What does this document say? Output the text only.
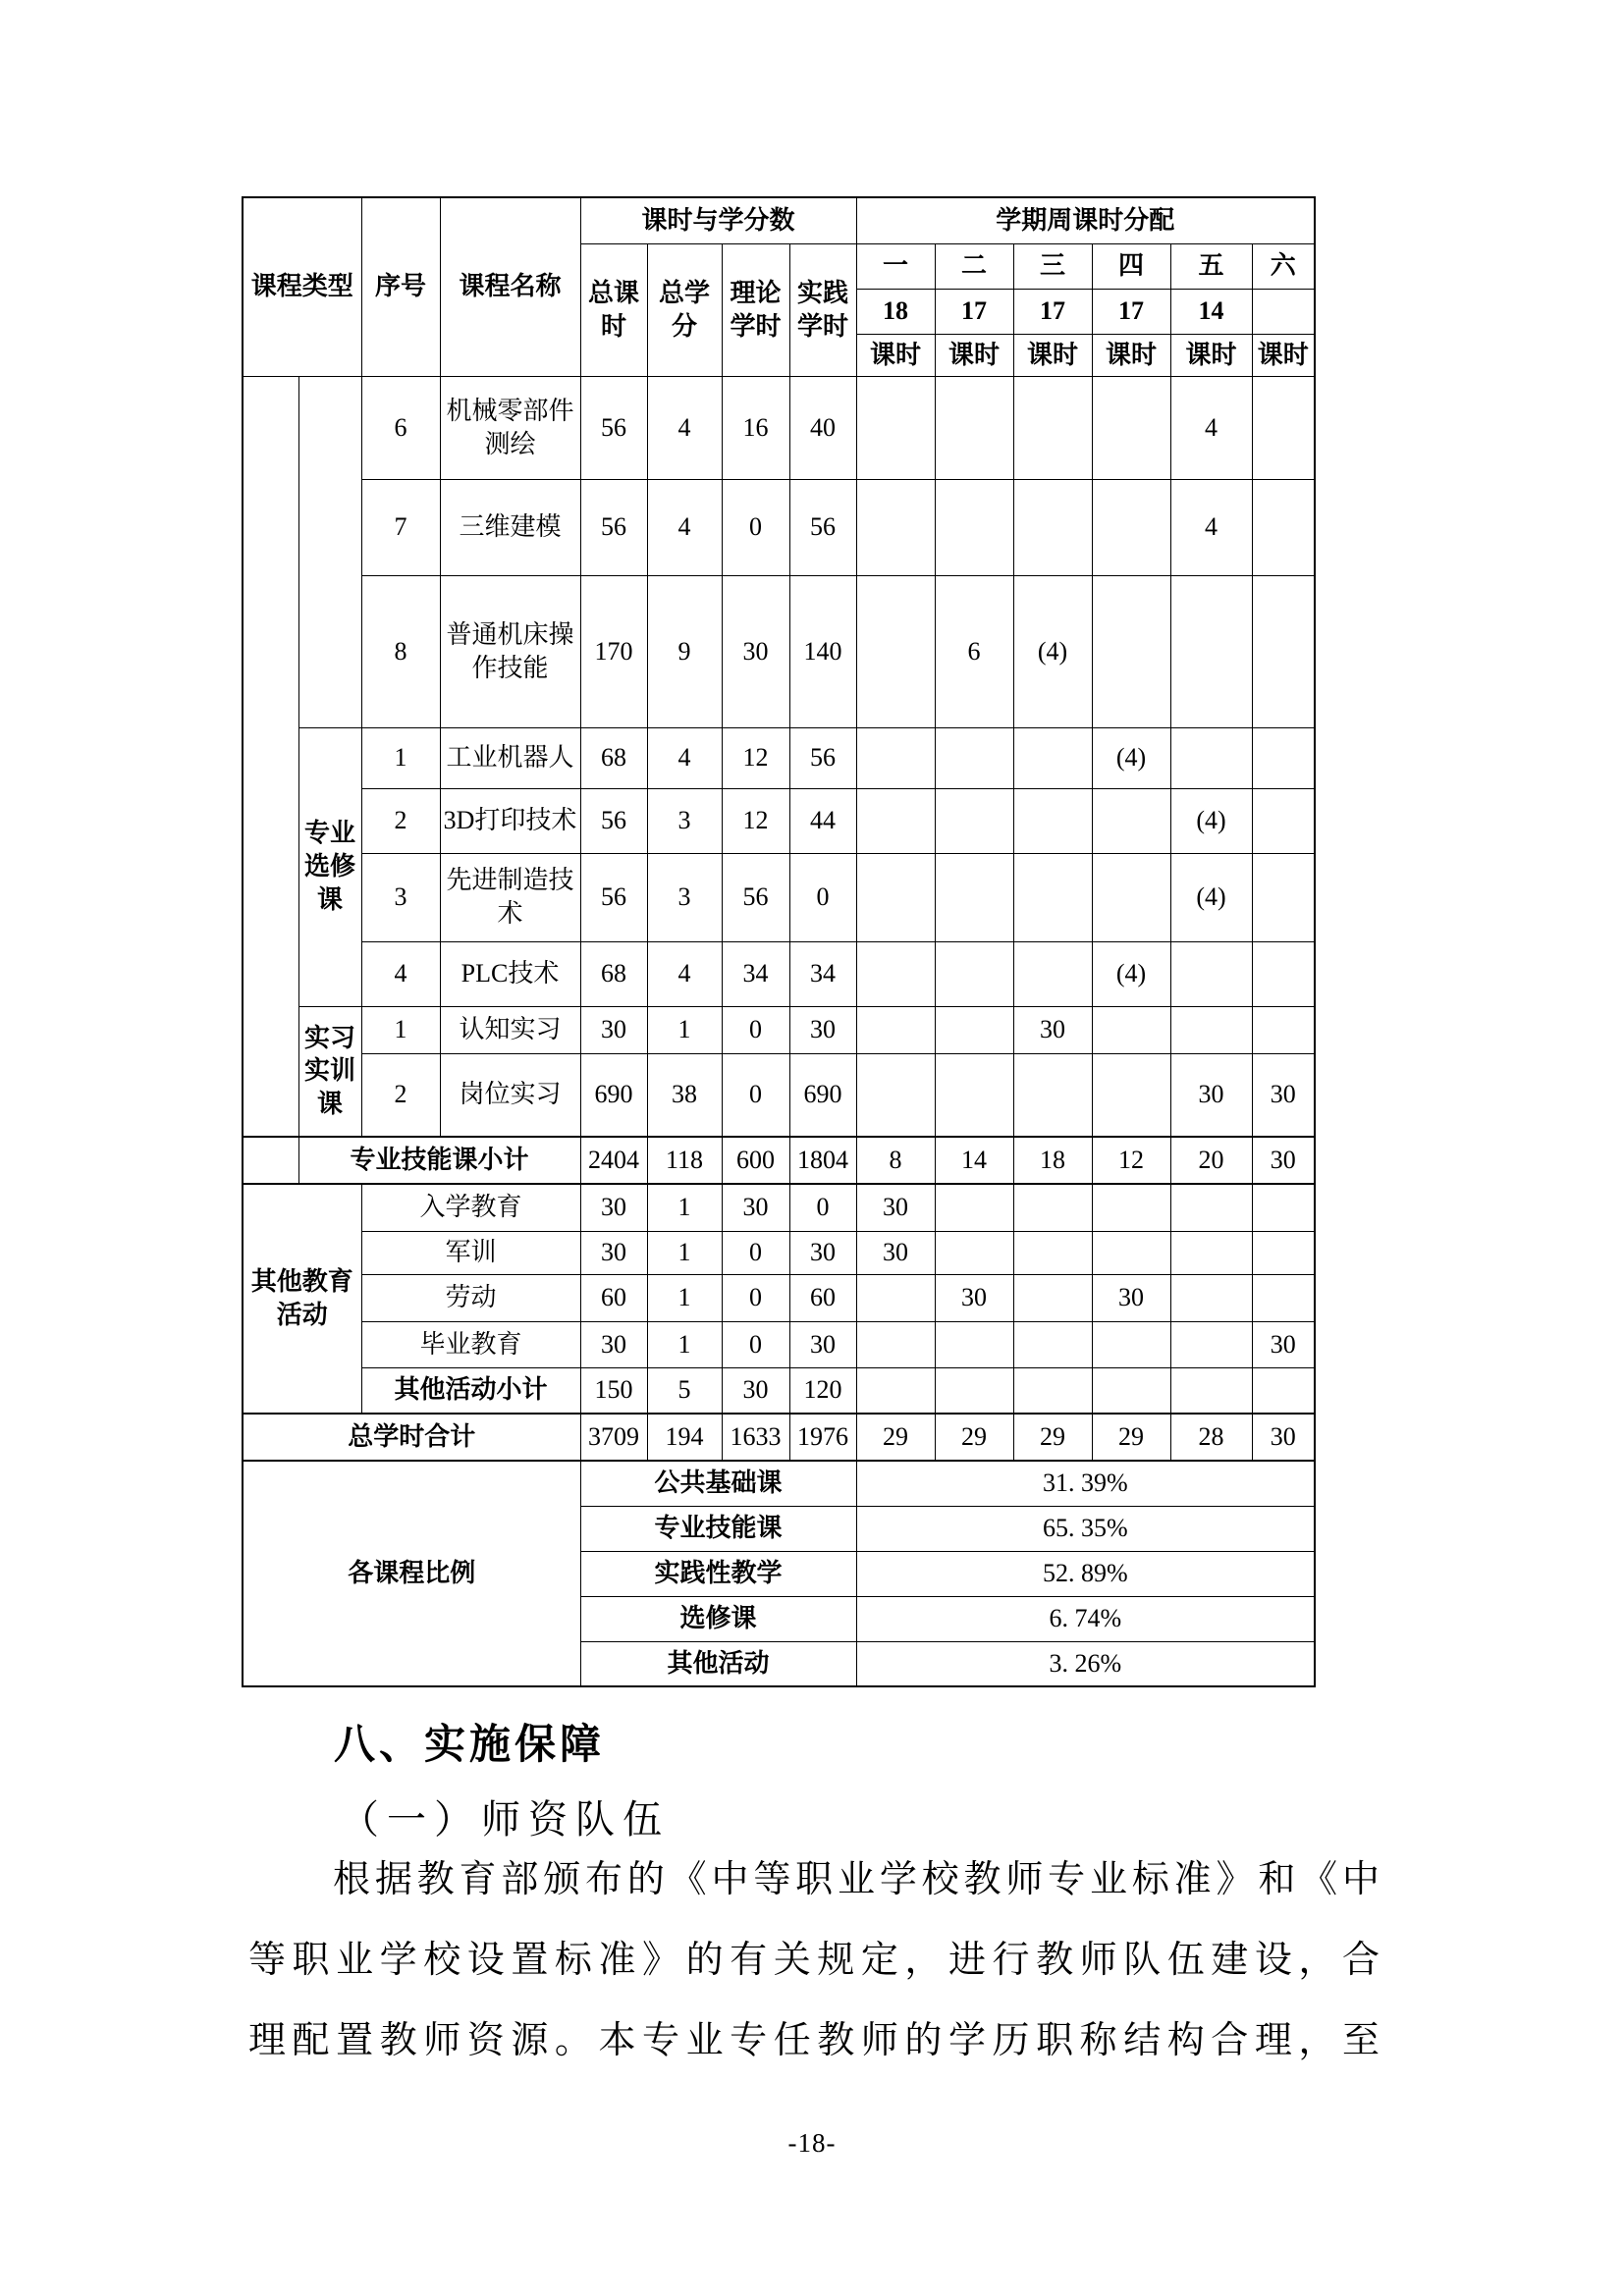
课程类型		序号	课程名称	课时与学分数				学期周课时分配					
				总课时	总学分	理论学时	实践学时	一	二	三	四	五	六
								18	17	17	17	14	
								课时	课时	课时	课时	课时	课时
		6	机械零部件测绘	56	4	16	40					4	
		7	三维建模	56	4	0	56					4	
		8	普通机床操作技能	170	9	30	140		6	(4)			
	专业选修课	1	工业机器人	68	4	12	56				(4)		
		2	3D打印技术	56	3	12	44					(4)	
		3	先进制造技术	56	3	56	0					(4)	
		4	PLC技术	68	4	34	34				(4)		
	实习实训课	1	认知实习	30	1	0	30			30			
		2	岗位实习	690	38	0	690					30	30
	专业技能课小计			2404	118	600	1804	8	14	18	12	20	30
其他教育活动		入学教育		30	1	30	0	30					
		军训		30	1	0	30	30					
		劳动		60	1	0	60		30		30		
		毕业教育		30	1	0	30						30
		其他活动小计		150	5	30	120						
总学时合计				3709	194	1633	1976	29	29	29	29	28	30
各课程比例				公共基础课				31. 39%					
				专业技能课				65. 35%					
				实践性教学				52. 89%					
				选修课				6. 74%					
				其他活动				3. 26%					
八、实施保障
（一）师资队伍
根据教育部颁布的《中等职业学校教师专业标准》和《中
等职业学校设置标准》的有关规定，进行教师队伍建设，合
理配置教师资源。本专业专任教师的学历职称结构合理，至
-18-
